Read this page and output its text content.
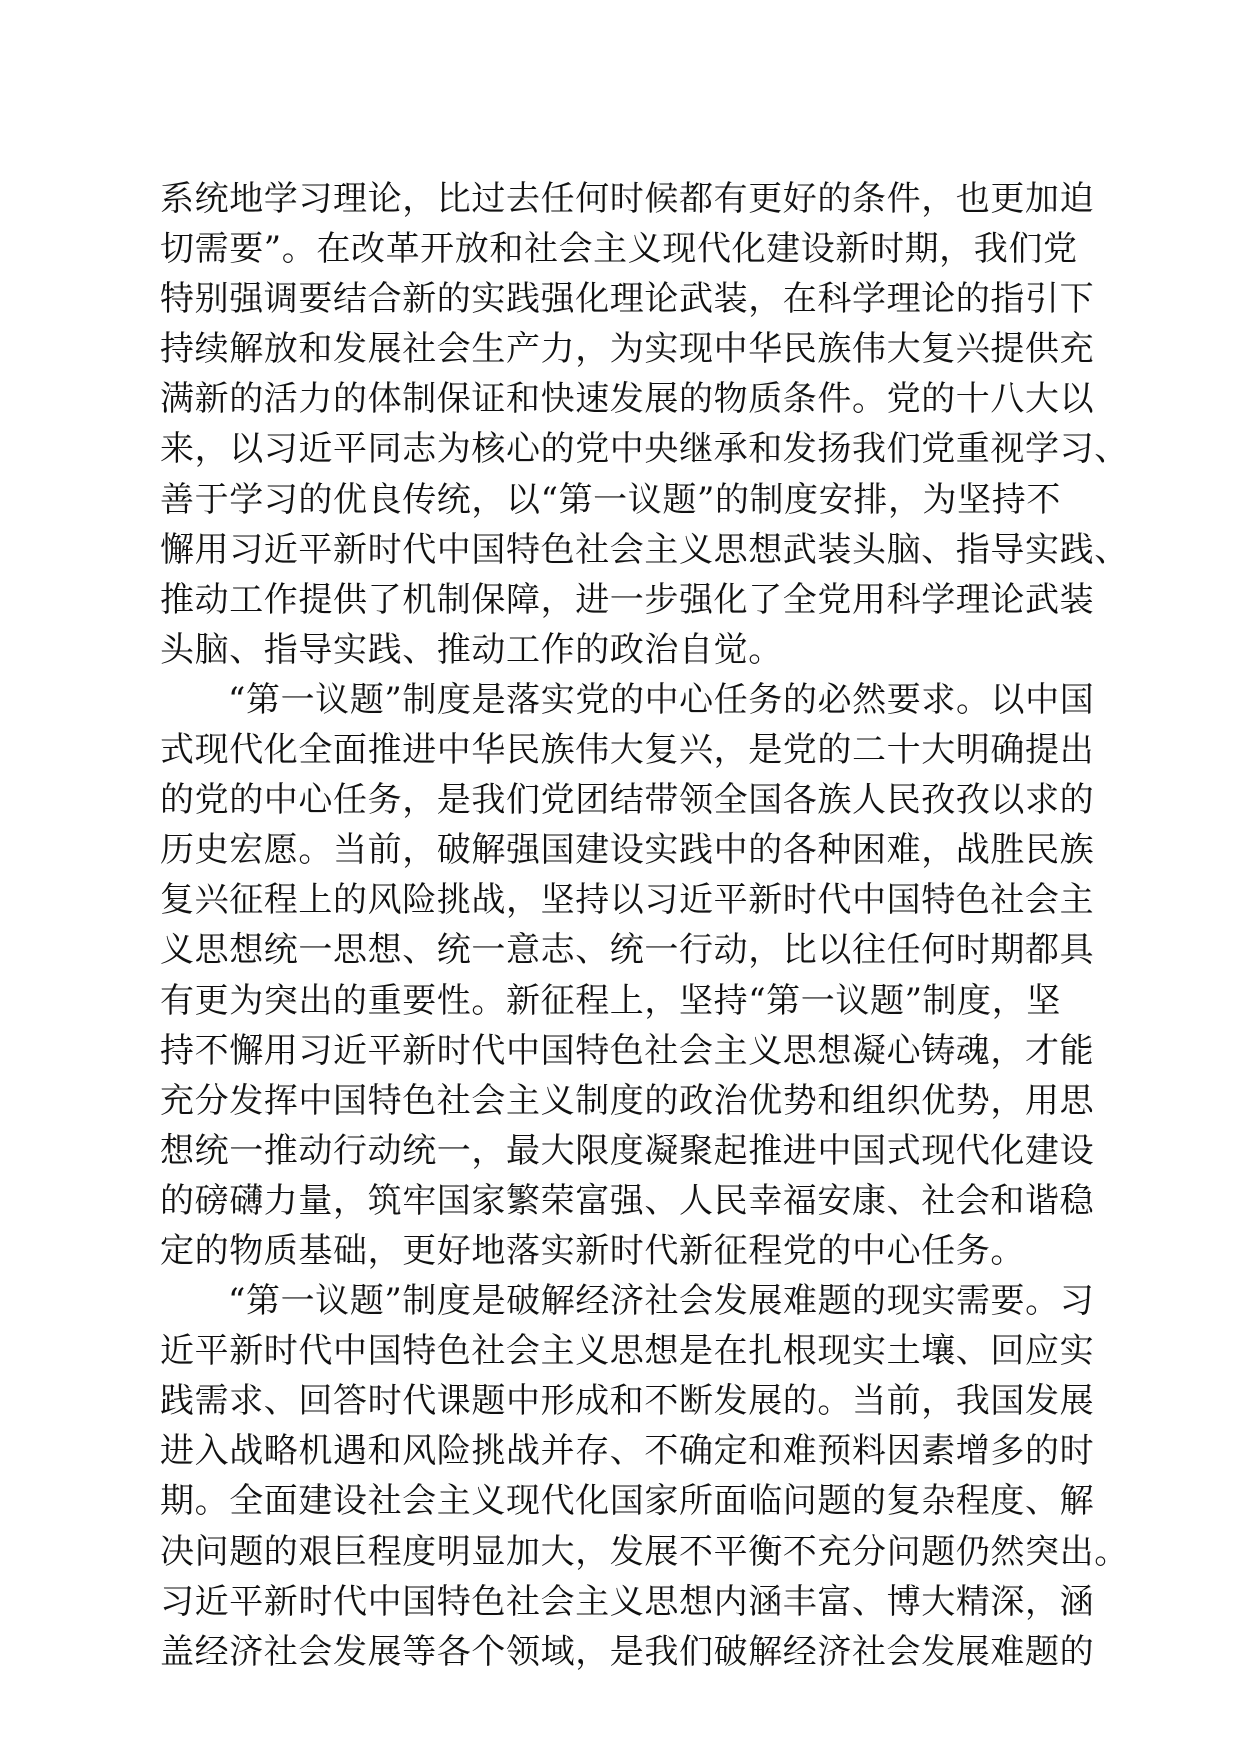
系统地学习理论，比过去任何时候都有更好的条件，也更加迫
切需要”。在改革开放和社会主义现代化建设新时期，我们党
特别强调要结合新的实践强化理论武装，在科学理论的指引下
持续解放和发展社会生产力，为实现中华民族伟大复兴提供充
满新的活力的体制保证和快速发展的物质条件。党的十八大以
来，以习近平同志为核心的党中央继承和发扬我们党重视学习、
善于学习的优良传统，以“第一议题”的制度安排，为坚持不
懈用习近平新时代中国特色社会主义思想武装头脑、指导实践、
推动工作提供了机制保障，进一步强化了全党用科学理论武装
头脑、指导实践、推动工作的政治自觉。
“第一议题”制度是落实党的中心任务的必然要求。以中国
式现代化全面推进中华民族伟大复兴，是党的二十大明确提出
的党的中心任务，是我们党团结带领全国各族人民孜孜以求的
历史宏愿。当前，破解强国建设实践中的各种困难，战胜民族
复兴征程上的风险挑战，坚持以习近平新时代中国特色社会主
义思想统一思想、统一意志、统一行动，比以往任何时期都具
有更为突出的重要性。新征程上，坚持“第一议题”制度，坚
持不懈用习近平新时代中国特色社会主义思想凝心铸魂，才能
充分发挥中国特色社会主义制度的政治优势和组织优势，用思
想统一推动行动统一，最大限度凝聚起推进中国式现代化建设
的磅礴力量，筑牢国家繁荣富强、人民幸福安康、社会和谐稳
定的物质基础，更好地落实新时代新征程党的中心任务。
“第一议题”制度是破解经济社会发展难题的现实需要。习
近平新时代中国特色社会主义思想是在扎根现实土壤、回应实
践需求、回答时代课题中形成和不断发展的。当前，我国发展
进入战略机遇和风险挑战并存、不确定和难预料因素增多的时
期。全面建设社会主义现代化国家所面临问题的复杂程度、解
决问题的艰巨程度明显加大，发展不平衡不充分问题仍然突出。
习近平新时代中国特色社会主义思想内涵丰富、博大精深，涵
盖经济社会发展等各个领域，是我们破解经济社会发展难题的
